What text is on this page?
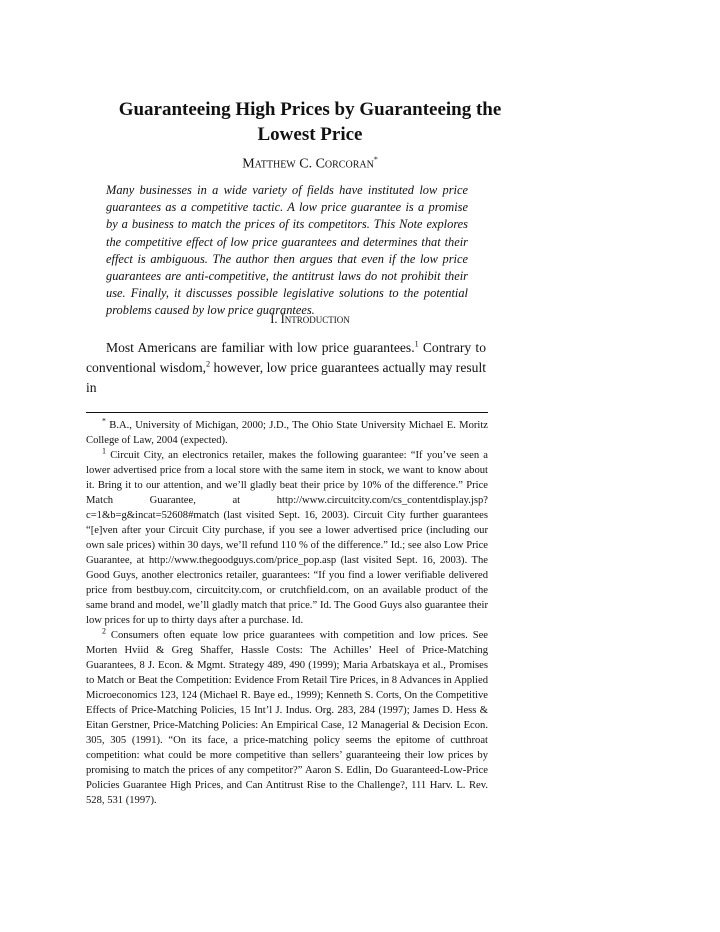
Guaranteeing High Prices by Guaranteeing the Lowest Price
Matthew C. Corcoran*
Many businesses in a wide variety of fields have instituted low price guarantees as a competitive tactic. A low price guarantee is a promise by a business to match the prices of its competitors. This Note explores the competitive effect of low price guarantees and determines that their effect is ambiguous. The author then argues that even if the low price guarantees are anti-competitive, the antitrust laws do not prohibit their use. Finally, it discusses possible legislative solutions to the potential problems caused by low price guarantees.
I. Introduction

Most Americans are familiar with low price guarantees.$^1$ Contrary to conventional wisdom,$^2$ however, low price guarantees actually may result in

* B.A., University of Michigan, 2000; J.D., The Ohio State University Michael E. Moritz College of Law, 2004 (expected).

$^1$ Circuit City, an electronics retailer, makes the following guarantee: “If you’ve seen a lower advertised price from a local store with the same item in stock, we want to know about it. Bring it to our attention, and we’ll gladly beat their price by 10% of the difference.” Price Match Guarantee, at http://www.circuitcity.com/cs_contentdisplay.jsp?c=1&b=g&incat=52608#match (last visited Sept. 16, 2003). Circuit City further guarantees “[e]ven after your Circuit City purchase, if you see a lower advertised price (including our own sale prices) within 30 days, we’ll refund 110 % of the difference.” Id.; see also Low Price Guarantee, at http://www.thegoodguys.com/price_pop.asp (last visited Sept. 16, 2003). The Good Guys, another electronics retailer, guarantees: “If you find a lower verifiable delivered price from bestbuy.com, circuitcity.com, or crutchfield.com, on an available product of the same brand and model, we’ll gladly match that price.” Id. The Good Guys also guarantee their low prices for up to thirty days after a purchase. Id.

$^2$ Consumers often equate low price guarantees with competition and low prices. See Morten Hviid & Greg Shaffer, Hassle Costs: The Achilles’ Heel of Price-Matching Guarantees, 8 J. Econ. & Mgmt. Strategy 489, 490 (1999); Maria Arbatskaya et al., Promises to Match or Beat the Competition: Evidence From Retail Tire Prices, in 8 Advances in Applied Microeconomics 123, 124 (Michael R. Baye ed., 1999); Kenneth S. Corts, On the Competitive Effects of Price-Matching Policies, 15 Int’l J. Indus. Org. 283, 284 (1997); James D. Hess & Eitan Gerstner, Price-Matching Policies: An Empirical Case, 12 Managerial & Decision Econ. 305, 305 (1991). “On its face, a price-matching policy seems the epitome of cutthroat competition: what could be more competitive than sellers’ guaranteeing their low prices by promising to match the prices of any competitor?” Aaron S. Edlin, Do Guaranteed-Low-Price Policies Guarantee High Prices, and Can Antitrust Rise to the Challenge?, 111 Harv. L. Rev. 528, 531 (1997).
